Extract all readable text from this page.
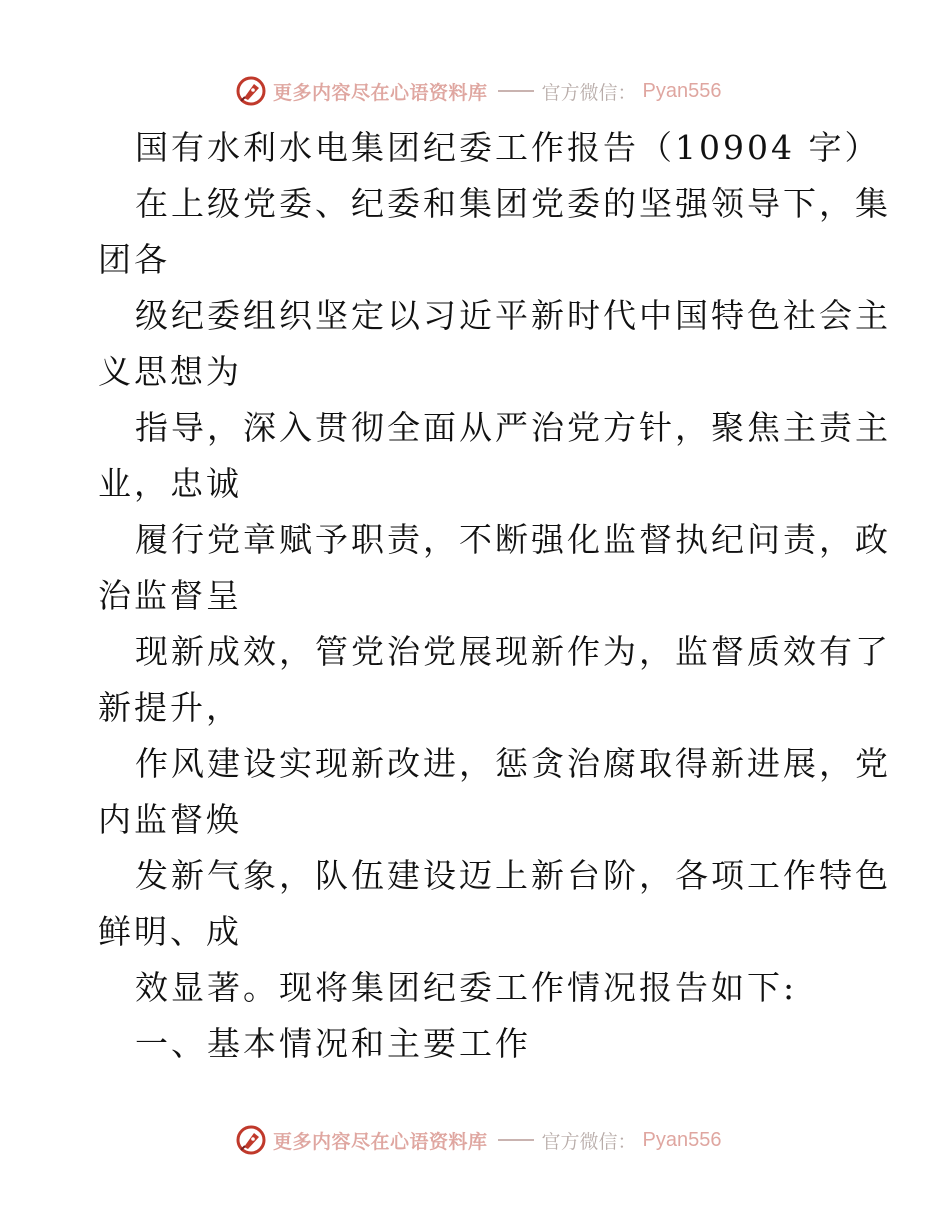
更多内容尽在心语资料库	官方微信： Pyan556
国有水利水电集团纪委工作报告（10904 字）
在上级党委、纪委和集团党委的坚强领导下，集
团各
级纪委组织坚定以习近平新时代中国特色社会主
义思想为
指导，深入贯彻全面从严治党方针，聚焦主责主
业，忠诚
履行党章赋予职责，不断强化监督执纪问责，政
治监督呈
现新成效，管党治党展现新作为，监督质效有了
新提升，
作风建设实现新改进，惩贪治腐取得新进展，党
内监督焕
发新气象，队伍建设迈上新台阶，各项工作特色
鲜明、成
效显著。现将集团纪委工作情况报告如下:
一、基本情况和主要工作
更多内容尽在心语资料库	官方微信： Pyan556
